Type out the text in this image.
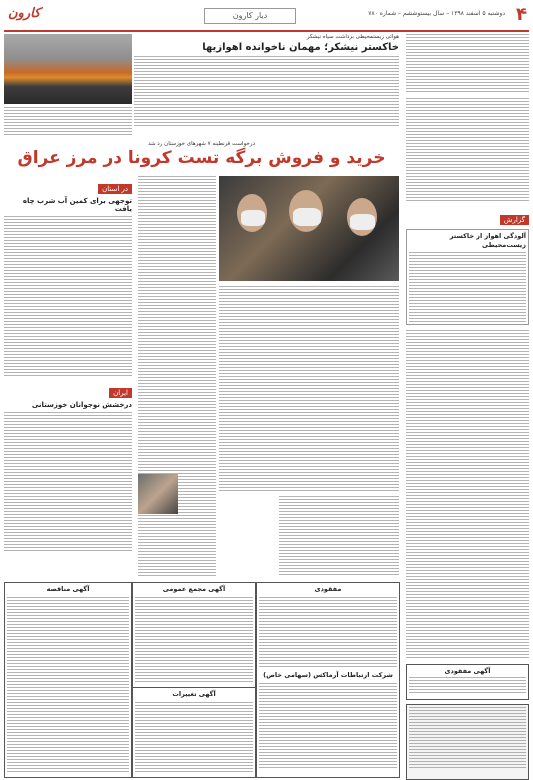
۴
دوشنبه ۵ اسفند ۱۳۹۸ – سال بیستوششم – شماره ۷۸۰
دیار کارون
کارون
گزارش
آلودگی اهواز از خاکستر زیست‌محیطی
آگهی مفقودی
هوائی زیستمحیطی برداشت سیاه نیشکر
خاکستر نیشکر؛ مهمان ناخوانده اهوازیها
درخواست قرنطینه ۷ شهرهای خوزستان رد شد
خرید و فروش برگه تست کرونا در مرز عراق
در استان
توجهی برای کمین آب شرب چاه یافت
ایران
درخشش نوجوانان خوزستانی
آگهی مناقصه	آگهی مجمع عمومی
آگهی تغییرات
مفقودی
شرکت ارتباطات آرماکس (سهامی خاص)
